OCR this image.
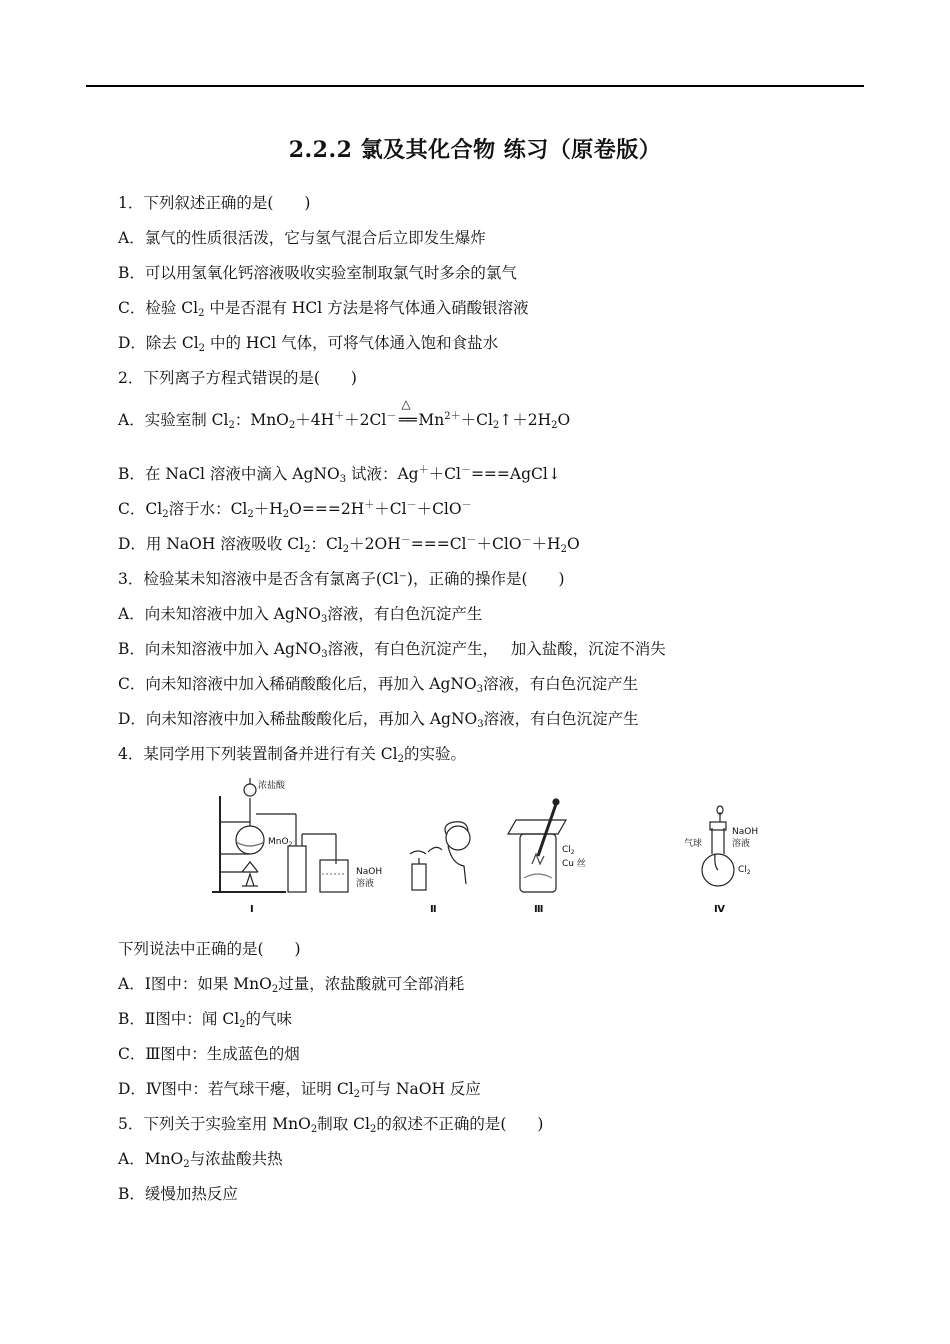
2.2.2 氯及其化合物 练习（原卷版）
1．下列叙述正确的是(　　)
A．氯气的性质很活泼，它与氢气混合后立即发生爆炸
B．可以用氢氧化钙溶液吸收实验室制取氯气时多余的氯气
C．检验 $Cl_2$ 中是否混有 HCl 方法是将气体通入硝酸银溶液
D．除去 $Cl_2$ 中的 HCl 气体，可将气体通入饱和食盐水
2．下列离子方程式错误的是(　　)
A．实验室制 $Cl_2$：MnO$_2$＋4H＋＋2Cl－
△
══ $Mn^{2+}+Cl_2↑+2H_2O$
B．在 NaCl 溶液中滴入 AgNO$_3$ 试液：Ag＋＋Cl－===AgCl↓
C．$Cl_2$溶于水：$Cl_2+H_2O===2H^++Cl^-+ClO^-$
D．用 NaOH 溶液吸收 $Cl_2$：$Cl_2+2OH^-===Cl^-+ClO^-+H_2O$
3．检验某未知溶液中是否含有氯离子(Cl⁻)，正确的操作是(　　)
A．向未知溶液中加入 AgNO$_3$溶液，有白色沉淀产生
B．向未知溶液中加入 AgNO$_3$溶液，有白色沉淀产生，　 加入盐酸，沉淀不消失
C．向未知溶液中加入稀硝酸酸化后，再加入 AgNO$_3$溶液，有白色沉淀产生
D．向未知溶液中加入稀盐酸酸化后，再加入 AgNO$_3$溶液，有白色沉淀产生
4．某同学用下列装置制备并进行有关 $Cl_2$的实验。
浓盐酸
MnO$_2$
NaOH
溶液
Ⅰ	Ⅱ
$Cl_2$
Cu 丝
Ⅲ
NaOH
溶液
气球
$Cl_2$
Ⅳ
下列说法中正确的是(　　)
A．Ⅰ图中：如果 MnO$_2$过量，浓盐酸就可全部消耗
B．Ⅱ图中：闻 $Cl_2$的气味
C．Ⅲ图中：生成蓝色的烟
D．Ⅳ图中：若气球干瘪，证明 $Cl_2$可与 NaOH 反应
5．下列关于实验室用 MnO$_2$制取 $Cl_2$的叙述不正确的是(　　)
A．MnO$_2$与浓盐酸共热
B．缓慢加热反应
